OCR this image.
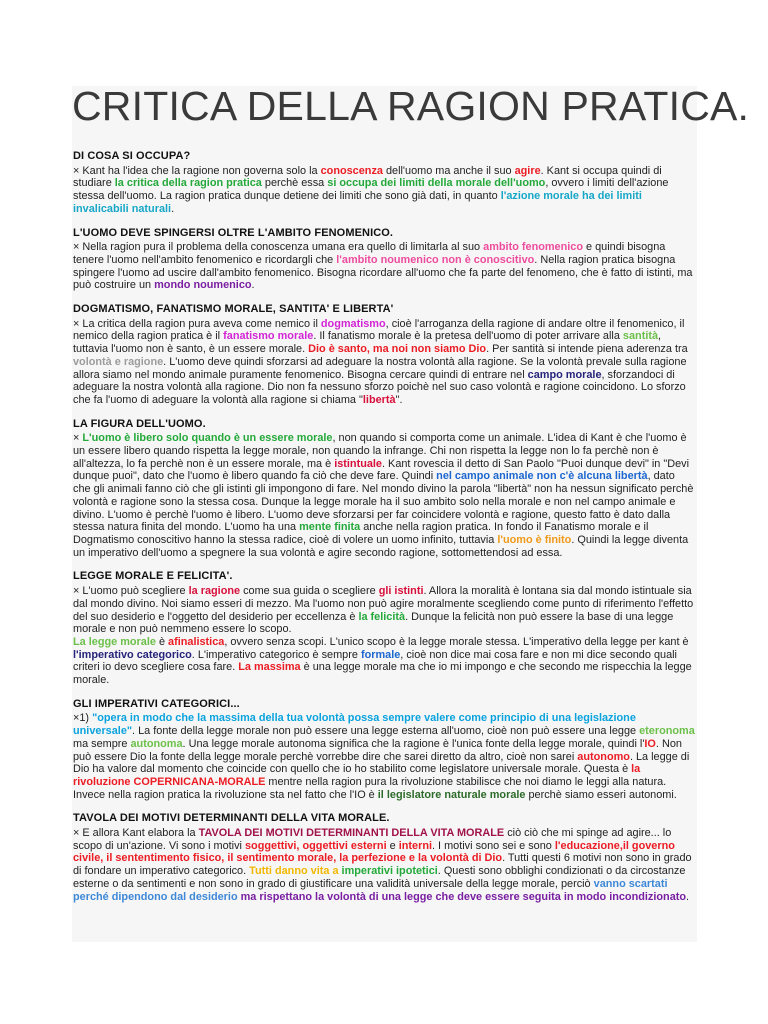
CRITICA DELLA RAGION PRATICA.
DI COSA SI OCCUPA?

× Kant ha l'idea che la ragione non governa solo la conoscenza dell'uomo ma anche il suo agire. Kant si occupa quindi di studiare la critica della ragion pratica perchè essa si occupa dei limiti della morale dell'uomo, ovvero i limiti dell'azione stessa dell'uomo. La ragion pratica dunque detiene dei limiti che sono già dati, in quanto l'azione morale ha dei limiti invalicabili naturali.

L'UOMO DEVE SPINGERSI OLTRE L'AMBITO FENOMENICO.

× Nella ragion pura il problema della conoscenza umana era quello di limitarla al suo ambito fenomenico e quindi bisogna tenere l'uomo nell'ambito fenomenico e ricordargli che l'ambito noumenico non è conoscitivo. Nella ragion pratica bisogna spingere l'uomo ad uscire dall'ambito fenomenico. Bisogna ricordare all'uomo che fa parte del fenomeno, che è fatto di istinti, ma può costruire un mondo noumenico.

DOGMATISMO, FANATISMO MORALE, SANTITA' E LIBERTA'

× La critica della ragion pura aveva come nemico il dogmatismo, cioè l'arroganza della ragione di andare oltre il fenomenico, il nemico della ragion pratica è il fanatismo morale. Il fanatismo morale è la pretesa dell'uomo di poter arrivare alla santità, tuttavia l'uomo non è santo, è un essere morale. Dio è santo, ma noi non siamo Dio. Per santità si intende piena aderenza tra volontà e ragione. L'uomo deve quindi sforzarsi ad adeguare la nostra volontà alla ragione. Se la volontà prevale sulla ragione allora siamo nel mondo animale puramente fenomenico. Bisogna cercare quindi di entrare nel campo morale, sforzandoci di adeguare la nostra volontà alla ragione. Dio non fa nessuno sforzo poichè nel suo caso volontà e ragione coincidono. Lo sforzo che fa l'uomo di adeguare la volontà alla ragione si chiama "libertà".

LA FIGURA DELL'UOMO.

× L'uomo è libero solo quando è un essere morale, non quando si comporta come un animale. L'idea di Kant è che l'uomo è un essere libero quando rispetta la legge morale, non quando la infrange. Chi non rispetta la legge non lo fa perchè non è all'altezza, lo fa perchè non è un essere morale, ma è istintuale. Kant rovescia il detto di San Paolo "Puoi dunque devi" in "Devi dunque puoi", dato che l'uomo è libero quando fa ciò che deve fare. Quindi nel campo animale non c'è alcuna libertà, dato che gli animali fanno ciò che gli istinti gli impongono di fare. Nel mondo divino la parola "libertà" non ha nessun significato perchè volontà e ragione sono la stessa cosa. Dunque la legge morale ha il suo ambito solo nella morale e non nel campo animale e divino. L'uomo è perchè l'uomo è libero. L'uomo deve sforzarsi per far coincidere volontà e ragione, questo fatto è dato dalla stessa natura finita del mondo. L'uomo ha una mente finita anche nella ragion pratica. In fondo il Fanatismo morale e il Dogmatismo conoscitivo hanno la stessa radice, cioè di volere un uomo infinito, tuttavia l'uomo è finito. Quindi la legge diventa un imperativo dell'uomo a spegnere la sua volontà e agire secondo ragione, sottomettendosi ad essa.

LEGGE MORALE E FELICITA'.

× L'uomo può scegliere la ragione come sua guida o scegliere gli istinti. Allora la moralità è lontana sia dal mondo istintuale sia dal mondo divino. Noi siamo esseri di mezzo. Ma l'uomo non può agire moralmente scegliendo come punto di riferimento l'effetto del suo desiderio e l'oggetto del desiderio per eccellenza è la felicità. Dunque la felicità non può essere la base di una legge morale e non può nemmeno essere lo scopo.
La legge morale è afinalistica, ovvero senza scopi. L'unico scopo è la legge morale stessa. L'imperativo della legge per kant è l'imperativo categorico. L'imperativo categorico è sempre formale, cioè non dice mai cosa fare e non mi dice secondo quali criteri io devo scegliere cosa fare. La massima è una legge morale ma che io mi impongo e che secondo me rispecchia la legge morale.

GLI IMPERATIVI CATEGORICI...

×1) "opera in modo che la massima della tua volontà possa sempre valere come principio di una legislazione universale". La fonte della legge morale non può essere una legge esterna all'uomo, cioè non può essere una legge eteronoma ma sempre autonoma. Una legge morale autonoma significa che la ragione è l'unica fonte della legge morale, quindi l'IO. Non può essere Dio la fonte della legge morale perchè vorrebbe dire che sarei diretto da altro, cioè non sarei autonomo. La legge di Dio ha valore dal momento che coincide con quello che io ho stabilito come legislatore universale morale. Questa è la rivoluzione COPERNICANA-MORALE mentre nella ragion pura la rivoluzione stabilisce che noi diamo le leggi alla natura. Invece nella ragion pratica la rivoluzione sta nel fatto che l'IO è il legislatore naturale morale perchè siamo esseri autonomi.

TAVOLA DEI MOTIVI DETERMINANTI DELLA VITA MORALE.

× E allora Kant elabora la TAVOLA DEI MOTIVI DETERMINANTI DELLA VITA MORALE ciò ciò che mi spinge ad agire... lo scopo di un'azione. Vi sono i motivi soggettivi, oggettivi esterni e interni. I motivi sono sei e sono l'educazione,il governo civile, il sententimento fisico, il sentimento morale, la perfezione e la volontà di Dio. Tutti questi 6 motivi non sono in grado di fondare un imperativo categorico. Tutti danno vita a imperativi ipotetici. Questi sono obblighi condizionati o da circostanze esterne o da sentimenti e non sono in grado di giustificare una validità universale della legge morale, perciò vanno scartati perché dipendono dal desiderio ma rispettano la volontà di una legge che deve essere seguita in modo incondizionato.
